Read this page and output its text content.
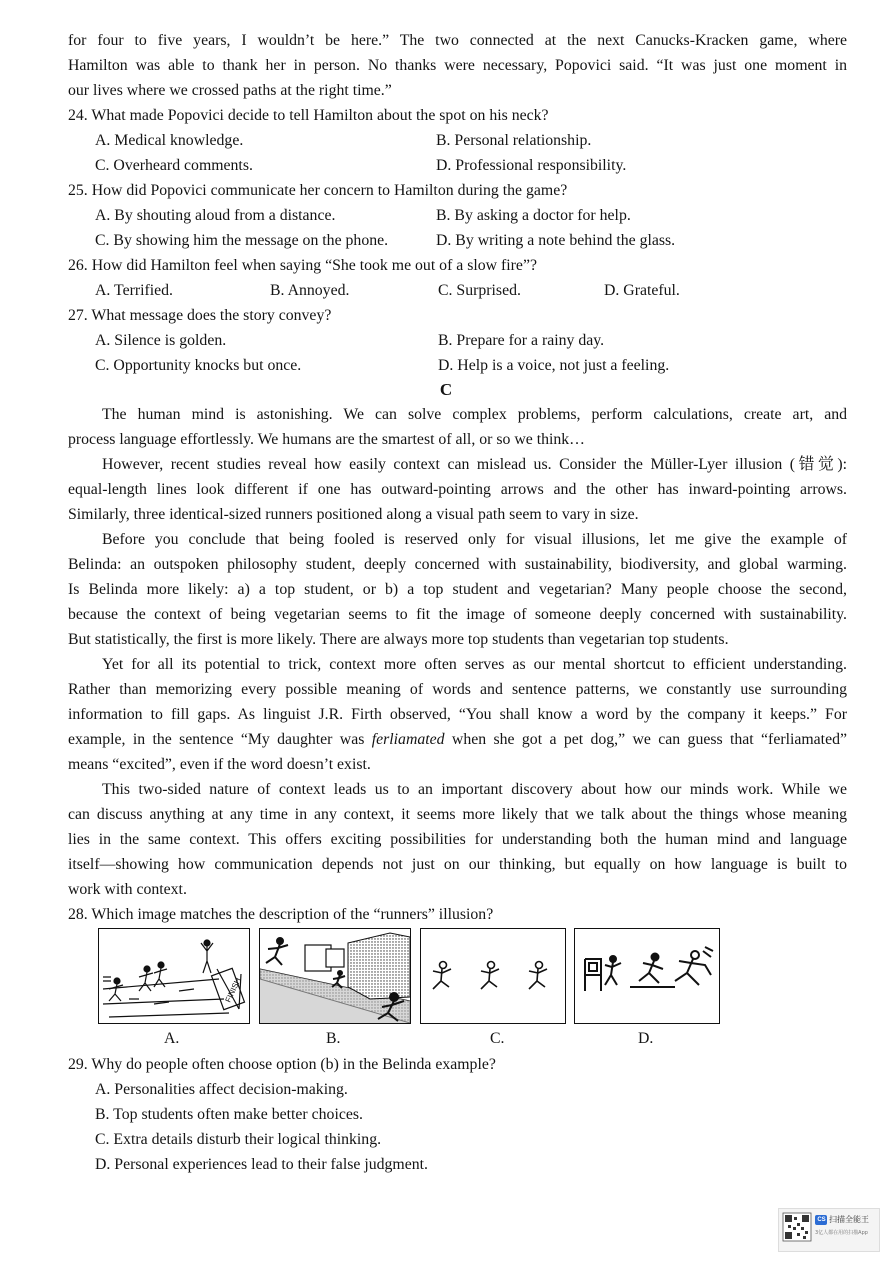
for four to five years, I wouldn’t be here.” The two connected at the next Canucks-Kracken game, where
Hamilton was able to thank her in person. No thanks were necessary, Popovici said. “It was just one moment in
our lives where we crossed paths at the right time.”
24. What made Popovici decide to tell Hamilton about the spot on his neck?
A. Medical knowledge.	B. Personal relationship.
C. Overheard comments.	D. Professional responsibility.
25. How did Popovici communicate her concern to Hamilton during the game?
A. By shouting aloud from a distance.	B. By asking a doctor for help.
C. By showing him the message on the phone.	D. By writing a note behind the glass.
26. How did Hamilton feel when saying “She took me out of a slow fire”?
A. Terrified.	B. Annoyed.	C. Surprised.	D. Grateful.
27. What message does the story convey?
A. Silence is golden.	B. Prepare for a rainy day.
C. Opportunity knocks but once.	D. Help is a voice, not just a feeling.
C
The human mind is astonishing. We can solve complex problems, perform calculations, create art, and
process language effortlessly. We humans are the smartest of all, or so we think…
However, recent studies reveal how easily context can mislead us. Consider the Müller-Lyer illusion (错觉):
equal-length lines look different if one has outward-pointing arrows and the other has inward-pointing arrows.
Similarly, three identical-sized runners positioned along a visual path seem to vary in size.
Before you conclude that being fooled is reserved only for visual illusions, let me give the example of
Belinda: an outspoken philosophy student, deeply concerned with sustainability, biodiversity, and global warming.
Is Belinda more likely: a) a top student, or b) a top student and vegetarian? Many people choose the second,
because the context of being vegetarian seems to fit the image of someone deeply concerned with sustainability.
But statistically, the first is more likely. There are always more top students than vegetarian top students.
Yet for all its potential to trick, context more often serves as our mental shortcut to efficient understanding.
Rather than memorizing every possible meaning of words and sentence patterns, we constantly use surrounding
information to fill gaps. As linguist J.R. Firth observed, “You shall know a word by the company it keeps.” For
example, in the sentence “My daughter was ferliamated when she got a pet dog,” we can guess that “ferliamated”
means “excited”, even if the word doesn’t exist.
This two-sided nature of context leads us to an important discovery about how our minds work. While we
can discuss anything at any time in any context, it seems more likely that we talk about the things whose meaning
lies in the same context. This offers exciting possibilities for understanding both the human mind and language
itself—showing how communication depends not just on our thinking, but equally on how language is built to
work with context.
28. Which image matches the description of the “runners” illusion?
FINISH
A.	B.	C.	D.
29. Why do people often choose option (b) in the Belinda example?
A. Personalities affect decision-making.
B. Top students often make better choices.
C. Extra details disturb their logical thinking.
D. Personal experiences lead to their false judgment.
CS 扫描全能王
3亿人都在用的扫描App
